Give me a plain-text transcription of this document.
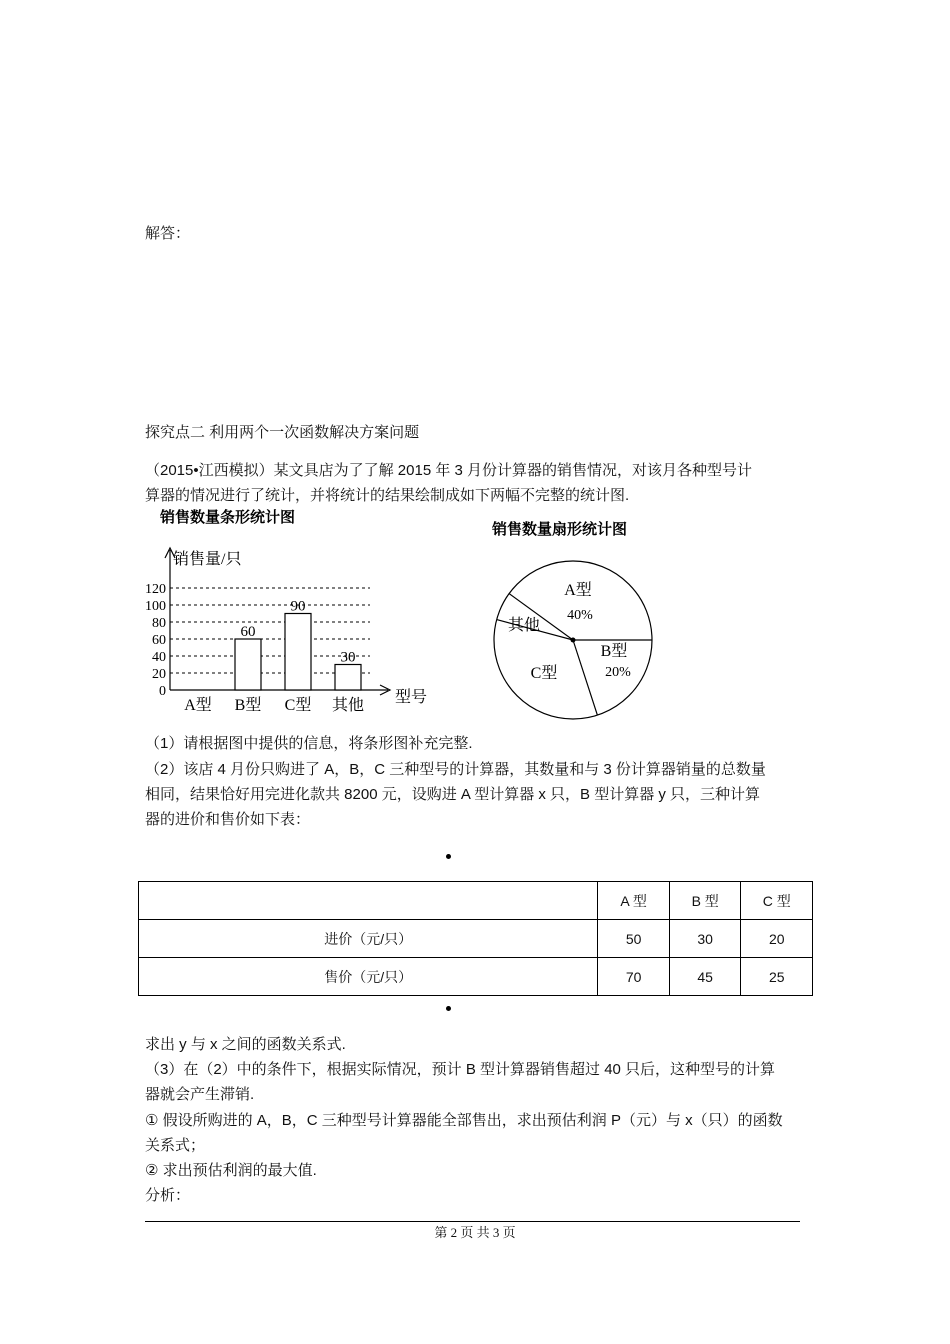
解答：
探究点二 利用两个一次函数解决方案问题
（2015•江西模拟）某文具店为了了解 2015 年 3 月份计算器的销售情况，对该月各种型号计
算器的情况进行了统计，并将统计的结果绘制成如下两幅不完整的统计图.
销售数量条形统计图
销售量/只
型号
0
20
40
60
80
100
120
60
90
30
A型 B型 C型 其他
销售数量扇形统计图
A型
40%
B型
20%
C型
其他
（1）请根据图中提供的信息，将条形图补充完整.
（2）该店 4 月份只购进了 A，B，C 三种型号的计算器，其数量和与 3 份计算器销量的总数量
相同，结果恰好用完进化款共 8200 元，设购进 A 型计算器 x 只，B 型计算器 y 只，三种计算
器的进价和售价如下表：
	A 型	B 型	C 型
进价（元/只）	50	30	20
售价（元/只）	70	45	25
求出 y 与 x 之间的函数关系式.
（3）在（2）中的条件下，根据实际情况，预计 B 型计算器销售超过 40 只后，这种型号的计算
器就会产生滞销.
① 假设所购进的 A，B，C 三种型号计算器能全部售出，求出预估利润 P（元）与 x（只）的函数
关系式；
② 求出预估利润的最大值.
分析：
第 2 页 共 3 页
